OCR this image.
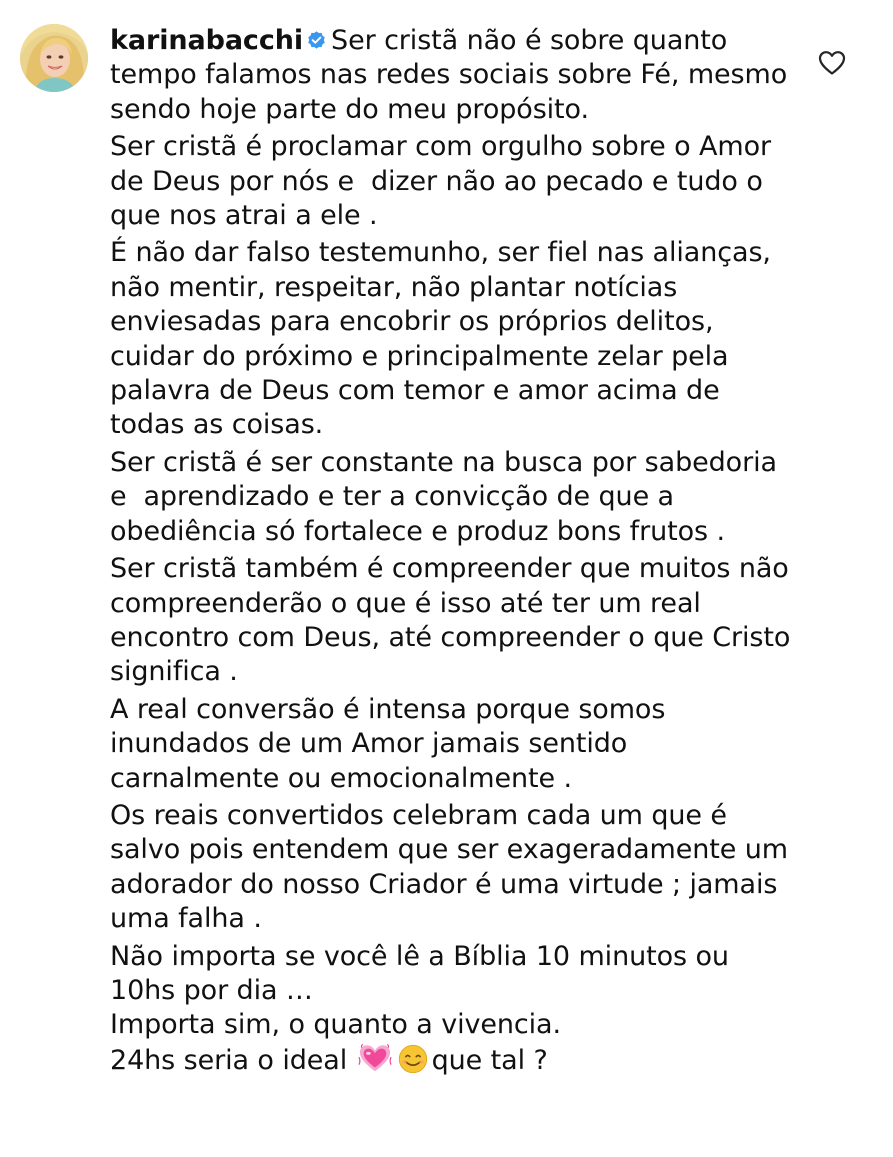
karinabacchi Ser cristã não é sobre quanto tempo falamos nas redes sociais sobre Fé, mesmo sendo hoje parte do meu propósito.

Ser cristã é proclamar com orgulho sobre o Amor de Deus por nós e  dizer não ao pecado e tudo o que nos atrai a ele .

É não dar falso testemunho, ser fiel nas alianças, não mentir, respeitar, não plantar notícias enviesadas para encobrir os próprios delitos, cuidar do próximo e principalmente zelar pela palavra de Deus com temor e amor acima de todas as coisas.

Ser cristã é ser constante na busca por sabedoria e  aprendizado e ter a convicção de que a obediência só fortalece e produz bons frutos .

Ser cristã também é compreender que muitos não compreenderão o que é isso até ter um real encontro com Deus, até compreender o que Cristo significa .

A real conversão é intensa porque somos inundados de um Amor jamais sentido carnalmente ou emocionalmente .

Os reais convertidos celebram cada um que é salvo pois entendem que ser exageradamente um adorador do nosso Criador é uma virtude ; jamais uma falha .

Não importa se você lê a Bíblia 10 minutos ou 10hs por dia …

Importa sim, o quanto a vivencia.

24hs seria o ideal	que tal ?
